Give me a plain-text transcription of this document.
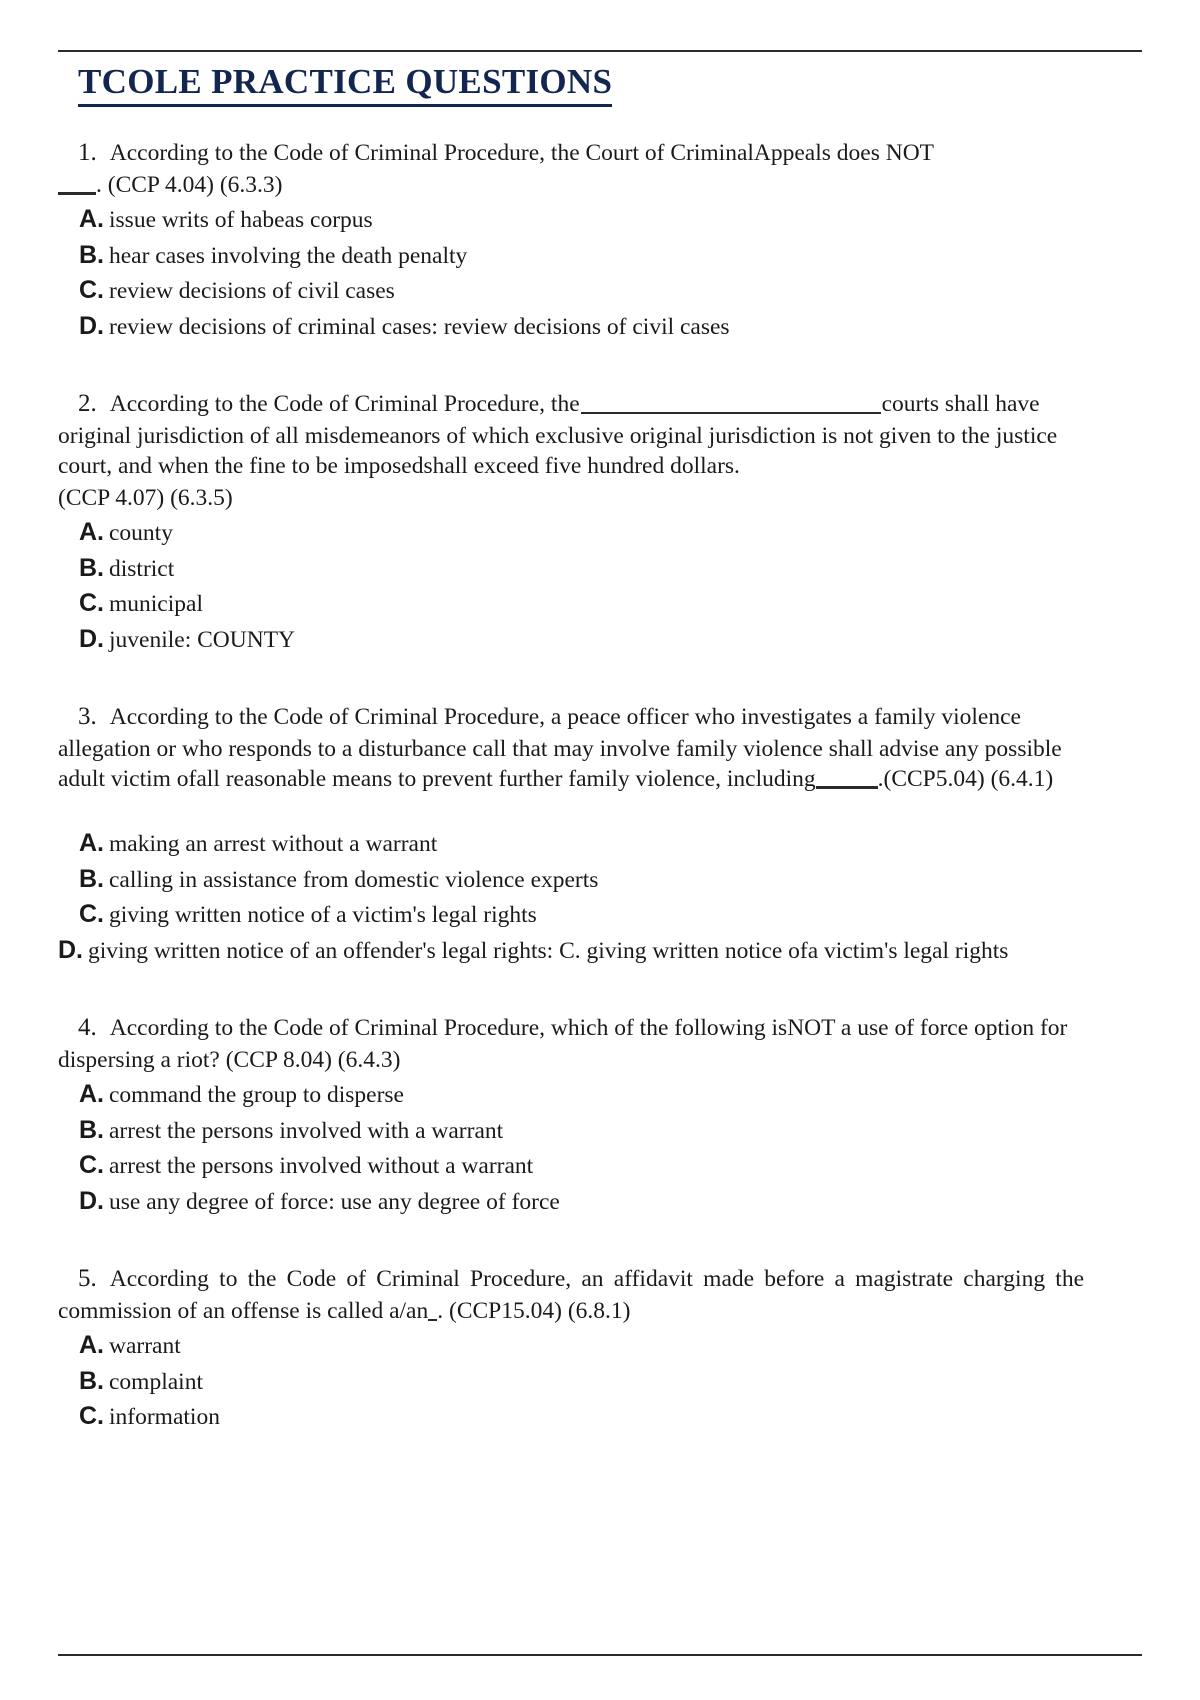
TCOLE PRACTICE QUESTIONS

1. According to the Code of Criminal Procedure, the Court of CriminalAppeals does NOT
. (CCP 4.04) (6.3.3)

A. issue writs of habeas corpus
B. hear cases involving the death penalty
C. review decisions of civil cases
D. review decisions of criminal cases: review decisions of civil cases

2. According to the Code of Criminal Procedure, the	courts shall have original jurisdiction of all misdemeanors of which exclusive original jurisdiction is not given to the justice court, and when the fine to be imposedshall exceed five hundred dollars.

(CCP 4.07) (6.3.5)

A. county
B. district
C. municipal
D. juvenile: COUNTY

3. According to the Code of Criminal Procedure, a peace officer who investigates a family violence allegation or who responds to a disturbance call that may involve family violence shall advise any possible adult victim ofall reasonable means to prevent further family violence, including	.(CCP5.04) (6.4.1)

A. making an arrest without a warrant
B. calling in assistance from domestic violence experts
C. giving written notice of a victim's legal rights
D. giving written notice of an offender's legal rights: C. giving written notice ofa victim's legal rights

4. According to the Code of Criminal Procedure, which of the following isNOT a use of force option for dispersing a riot? (CCP 8.04) (6.4.3)

A. command the group to disperse
B. arrest the persons involved with a warrant
C. arrest the persons involved without a warrant
D. use any degree of force: use any degree of force

5. According to the Code of Criminal Procedure, an affidavit made before a magistrate charging the commission of an offense is called a/an . (CCP15.04) (6.8.1)

A. warrant
B. complaint
C. information
